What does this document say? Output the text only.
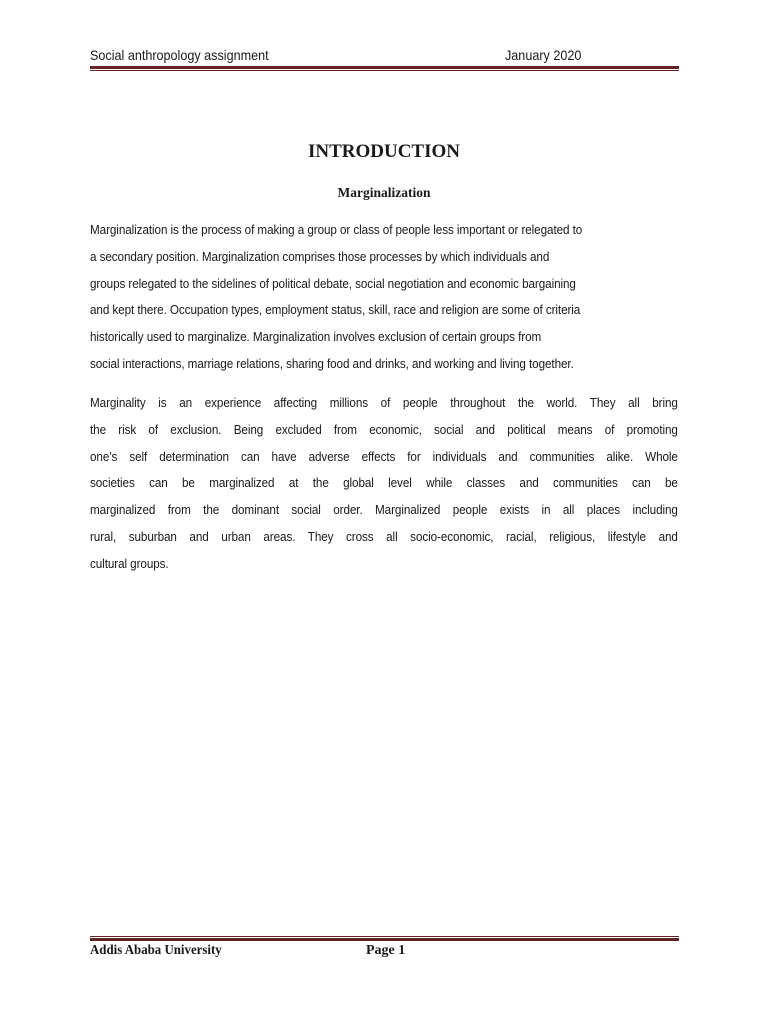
Social anthropology assignment	January 2020
INTRODUCTION
Marginalization
Marginalization is the process of making a group or class of people less important or relegated to
a secondary position. Marginalization comprises those processes by which individuals and
groups relegated to the sidelines of political debate, social negotiation and economic bargaining
and kept there. Occupation types, employment status, skill, race and religion are some of criteria
historically used to marginalize. Marginalization involves exclusion of certain groups from
social interactions, marriage relations, sharing food and drinks, and working and living together.
Marginality is an experience affecting millions of people throughout the world. They all bring
the risk of exclusion. Being excluded from economic, social and political means of promoting
one’s self determination can have adverse effects for individuals and communities alike. Whole
societies can be marginalized at the global level while classes and communities can be
marginalized from the dominant social order. Marginalized people exists in all places including
rural, suburban and urban areas. They cross all socio-economic, racial, religious, lifestyle and
cultural groups.
Addis Ababa University	Page 1
